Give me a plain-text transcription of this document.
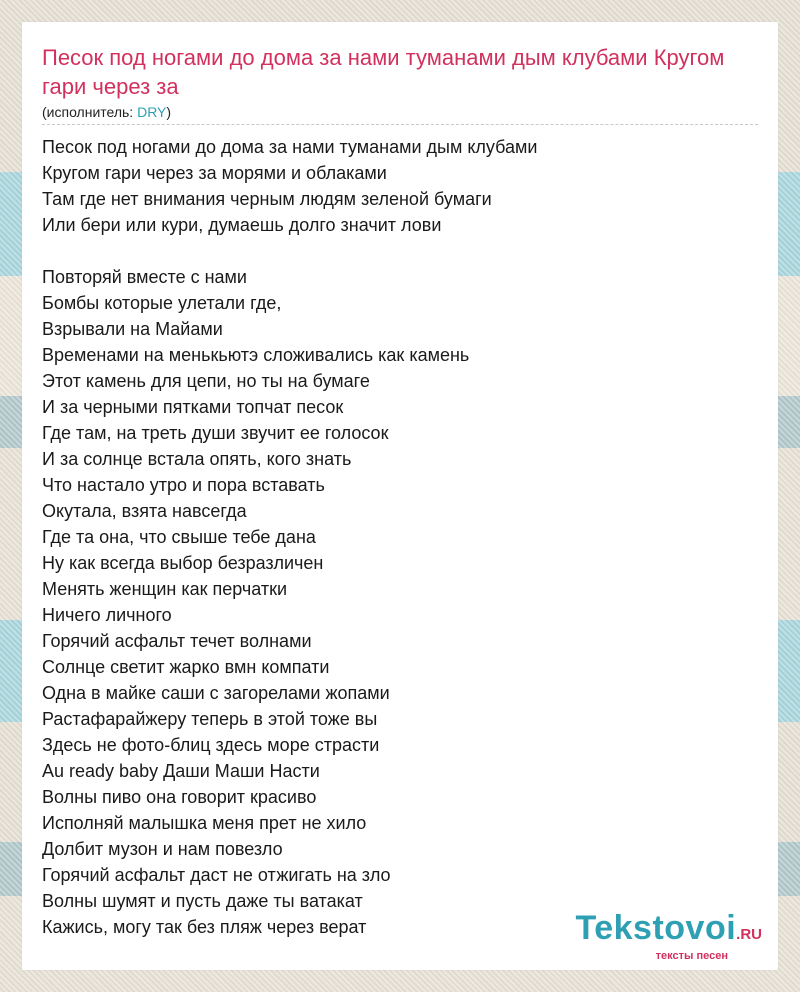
Песок под ногами до дома за нами туманами дым клубами Кругом гари через за
(исполнитель: DRY)
Песок под ногами до дома за нами туманами дым клубами
Кругом гари через за морями и облаками
Там где нет внимания черным людям зеленой бумаги
Или бери или кури, думаешь долго значит лови
Повторяй вместе с нами
Бомбы которые улетали где,
Взрывали на Майами
Временами на менькьютэ сложивались как камень
Этот камень для цепи, но ты на бумаге
И за черными пятками топчат песок
Где там, на треть души звучит ее голосок
И за солнце встала опять, кого знать
Что настало утро и пора вставать
Окутала, взята навсегда
Где та она, что свыше тебе дана
Ну как всегда выбор безразличен
Менять женщин как перчатки
Ничего личного
Горячий асфальт течет волнами
Солнце светит жарко вмн компати
Одна в майке саши с загорелами жопами
Растафарайжеру теперь в этой тоже вы
Здесь не фото-блиц здесь море страсти
Au ready baby Даши Маши Насти
Волны пиво она говорит красиво
Исполняй малышка меня прет не хило
Долбит музон и нам повезло
Горячий асфальт даст не отжигать на зло
Волны шумят и пусть даже ты ватакат
Кажись, могу так без пляж через верат	Tekstovoi.RU
тексты песен
